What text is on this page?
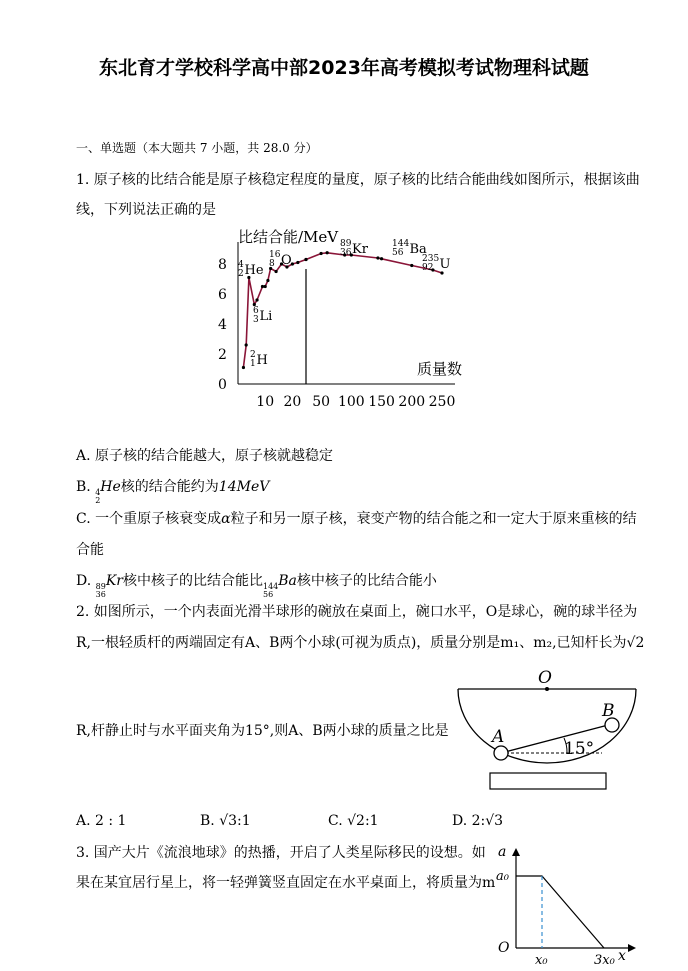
东北育才学校科学高中部2023年高考模拟考试物理科试题
一、单选题（本大题共 7 小题，共 28.0 分）
1. 原子核的比结合能是原子核稳定程度的量度，原子核的比结合能曲线如图所示，根据该曲
线，下列说法正确的是
比结合能/MeV
0
2
4
6
8
10 20 50 100 150 200 250
质量数
4
2 He
16
8 O
89
36 Kr	144
56 Ba
235
92 U
6
3 Li
2
1 H
A. 原子核的结合能越大，原子核就越稳定
B. 4
2
He核的结合能约为14MeV
C. 一个重原子核衰变成α粒子和另一原子核，衰变产物的结合能之和一定大于原来重核的结
合能
D. 89
36
Kr核中核子的比结合能比 144
56
Ba核中核子的比结合能小
2. 如图所示，一个内表面光滑半球形的碗放在桌面上，碗口水平，O是球心，碗的球半径为
R,一根轻质杆的两端固定有A、B两个小球(可视为质点)，质量分别是m₁、m₂,已知杆长为√2
R,杆静止时与水平面夹角为15°,则A、B两小球的质量之比是
O
A
B
15°
A. 2 : 1	B. √3:1	C. √2:1	D. 2:√3
3. 国产大片《流浪地球》的热播，开启了人类星际移民的设想。如
果在某宜居行星上，将一轻弹簧竖直固定在水平桌面上，将质量为m
a
a₀
O
x₀	3x₀ x
